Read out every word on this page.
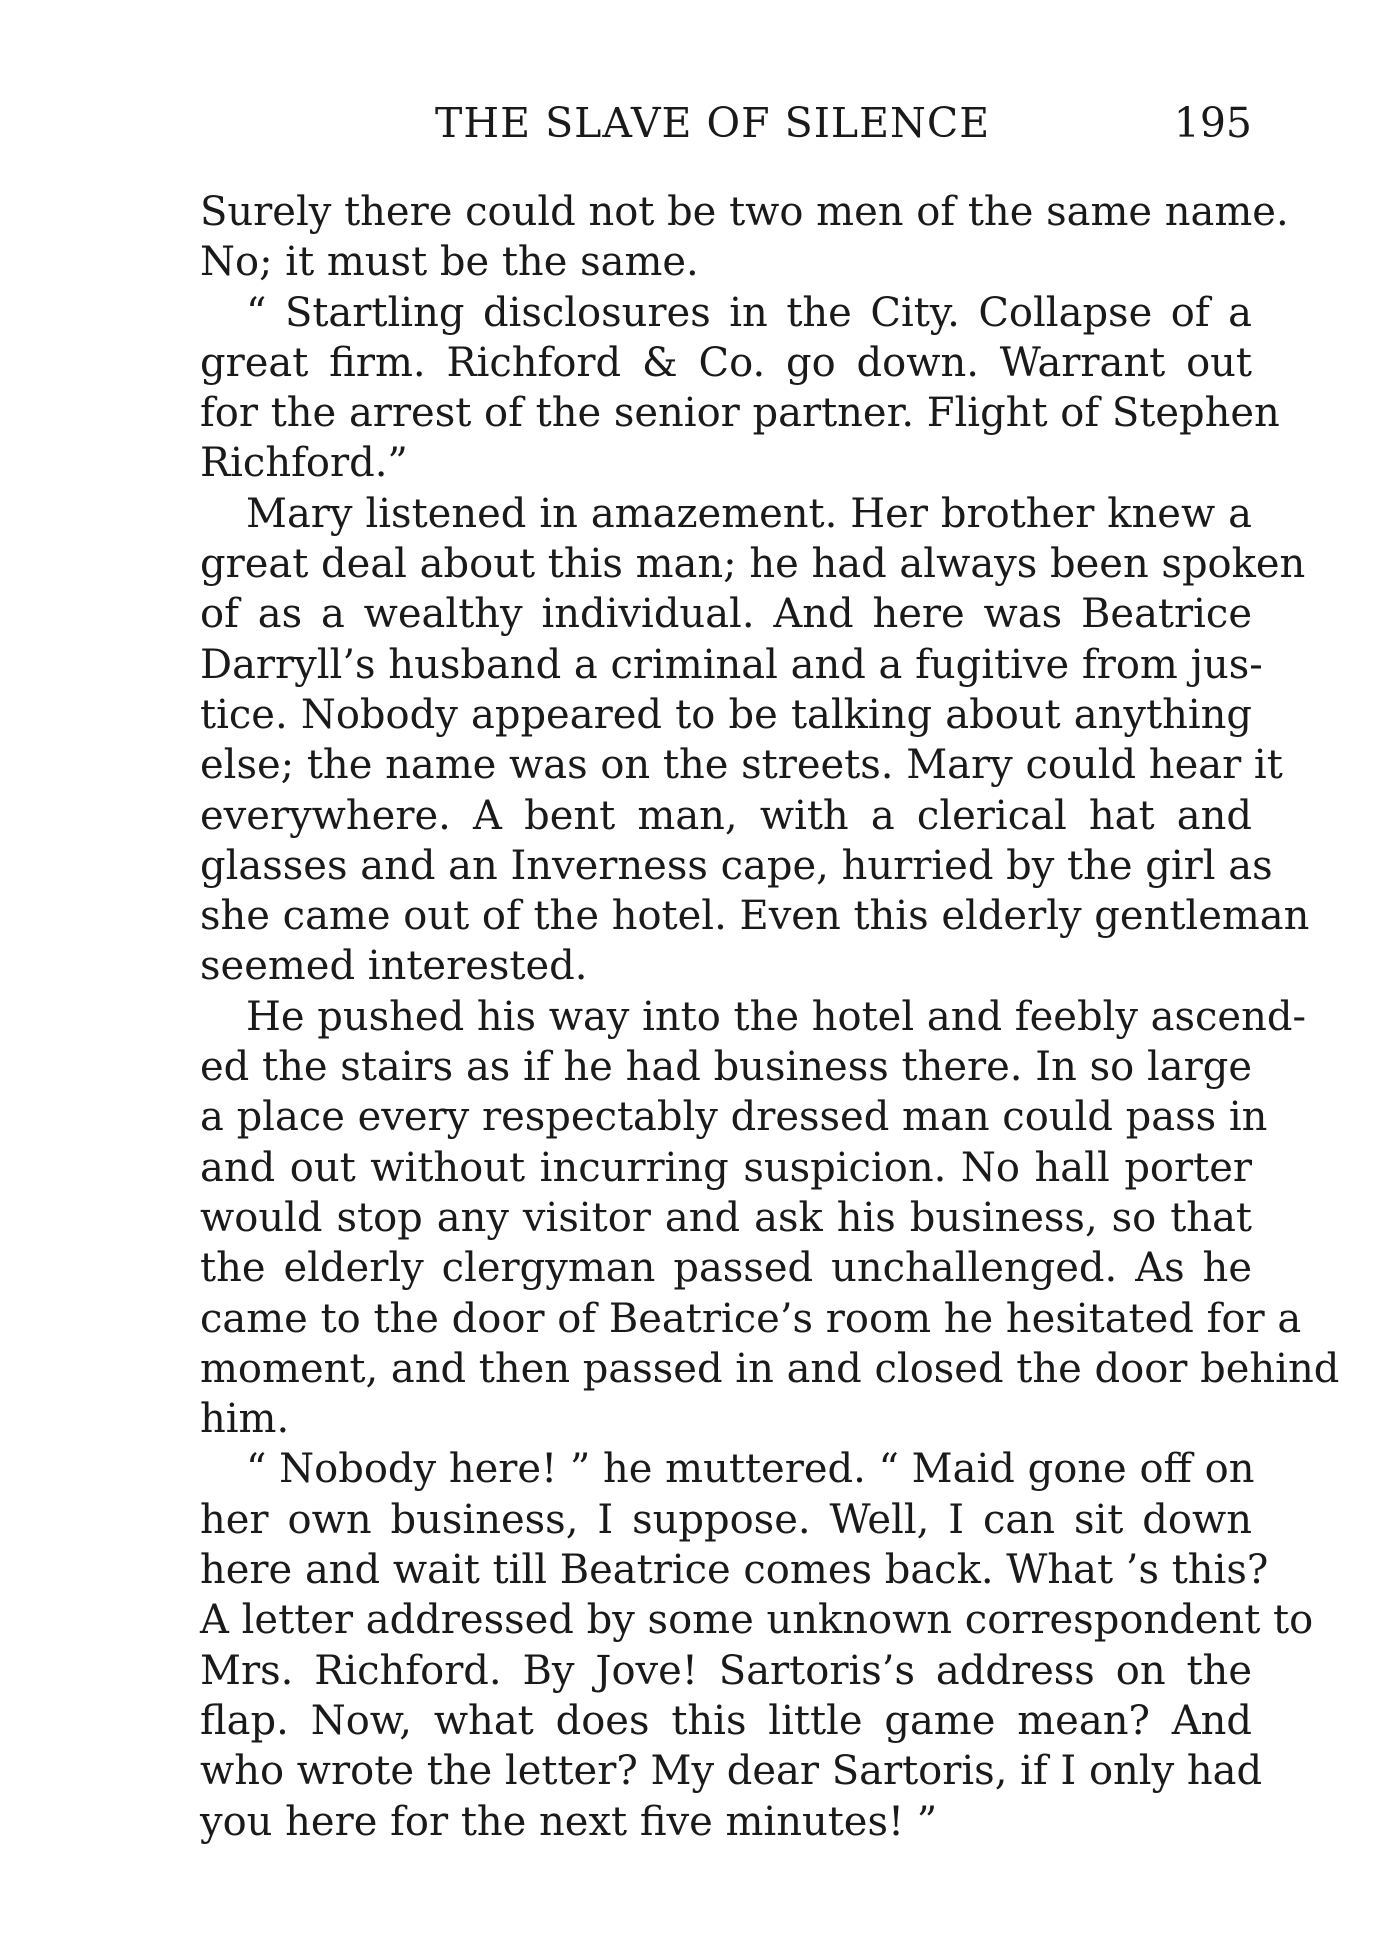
THE SLAVE OF SILENCE	195
Surely there could not be two men of the same name.
No; it must be the same.
“ Startling disclosures in the City. Collapse of a
great firm. Richford & Co. go down. Warrant out
for the arrest of the senior partner. Flight of Stephen
Richford.”
Mary listened in amazement. Her brother knew a
great deal about this man; he had always been spoken
of as a wealthy individual. And here was Beatrice
Darryll’s husband a criminal and a fugitive from jus-
tice. Nobody appeared to be talking about anything
else; the name was on the streets. Mary could hear it
everywhere. A bent man, with a clerical hat and
glasses and an Inverness cape, hurried by the girl as
she came out of the hotel. Even this elderly gentleman
seemed interested.
He pushed his way into the hotel and feebly ascend-
ed the stairs as if he had business there. In so large
a place every respectably dressed man could pass in
and out without incurring suspicion. No hall porter
would stop any visitor and ask his business, so that
the elderly clergyman passed unchallenged. As he
came to the door of Beatrice’s room he hesitated for a
moment, and then passed in and closed the door behind
him.
“ Nobody here! ” he muttered. “ Maid gone off on
her own business, I suppose. Well, I can sit down
here and wait till Beatrice comes back. What ’s this?
A letter addressed by some unknown correspondent to
Mrs. Richford. By Jove! Sartoris’s address on the
flap. Now, what does this little game mean? And
who wrote the letter? My dear Sartoris, if I only had
you here for the next five minutes! ”
